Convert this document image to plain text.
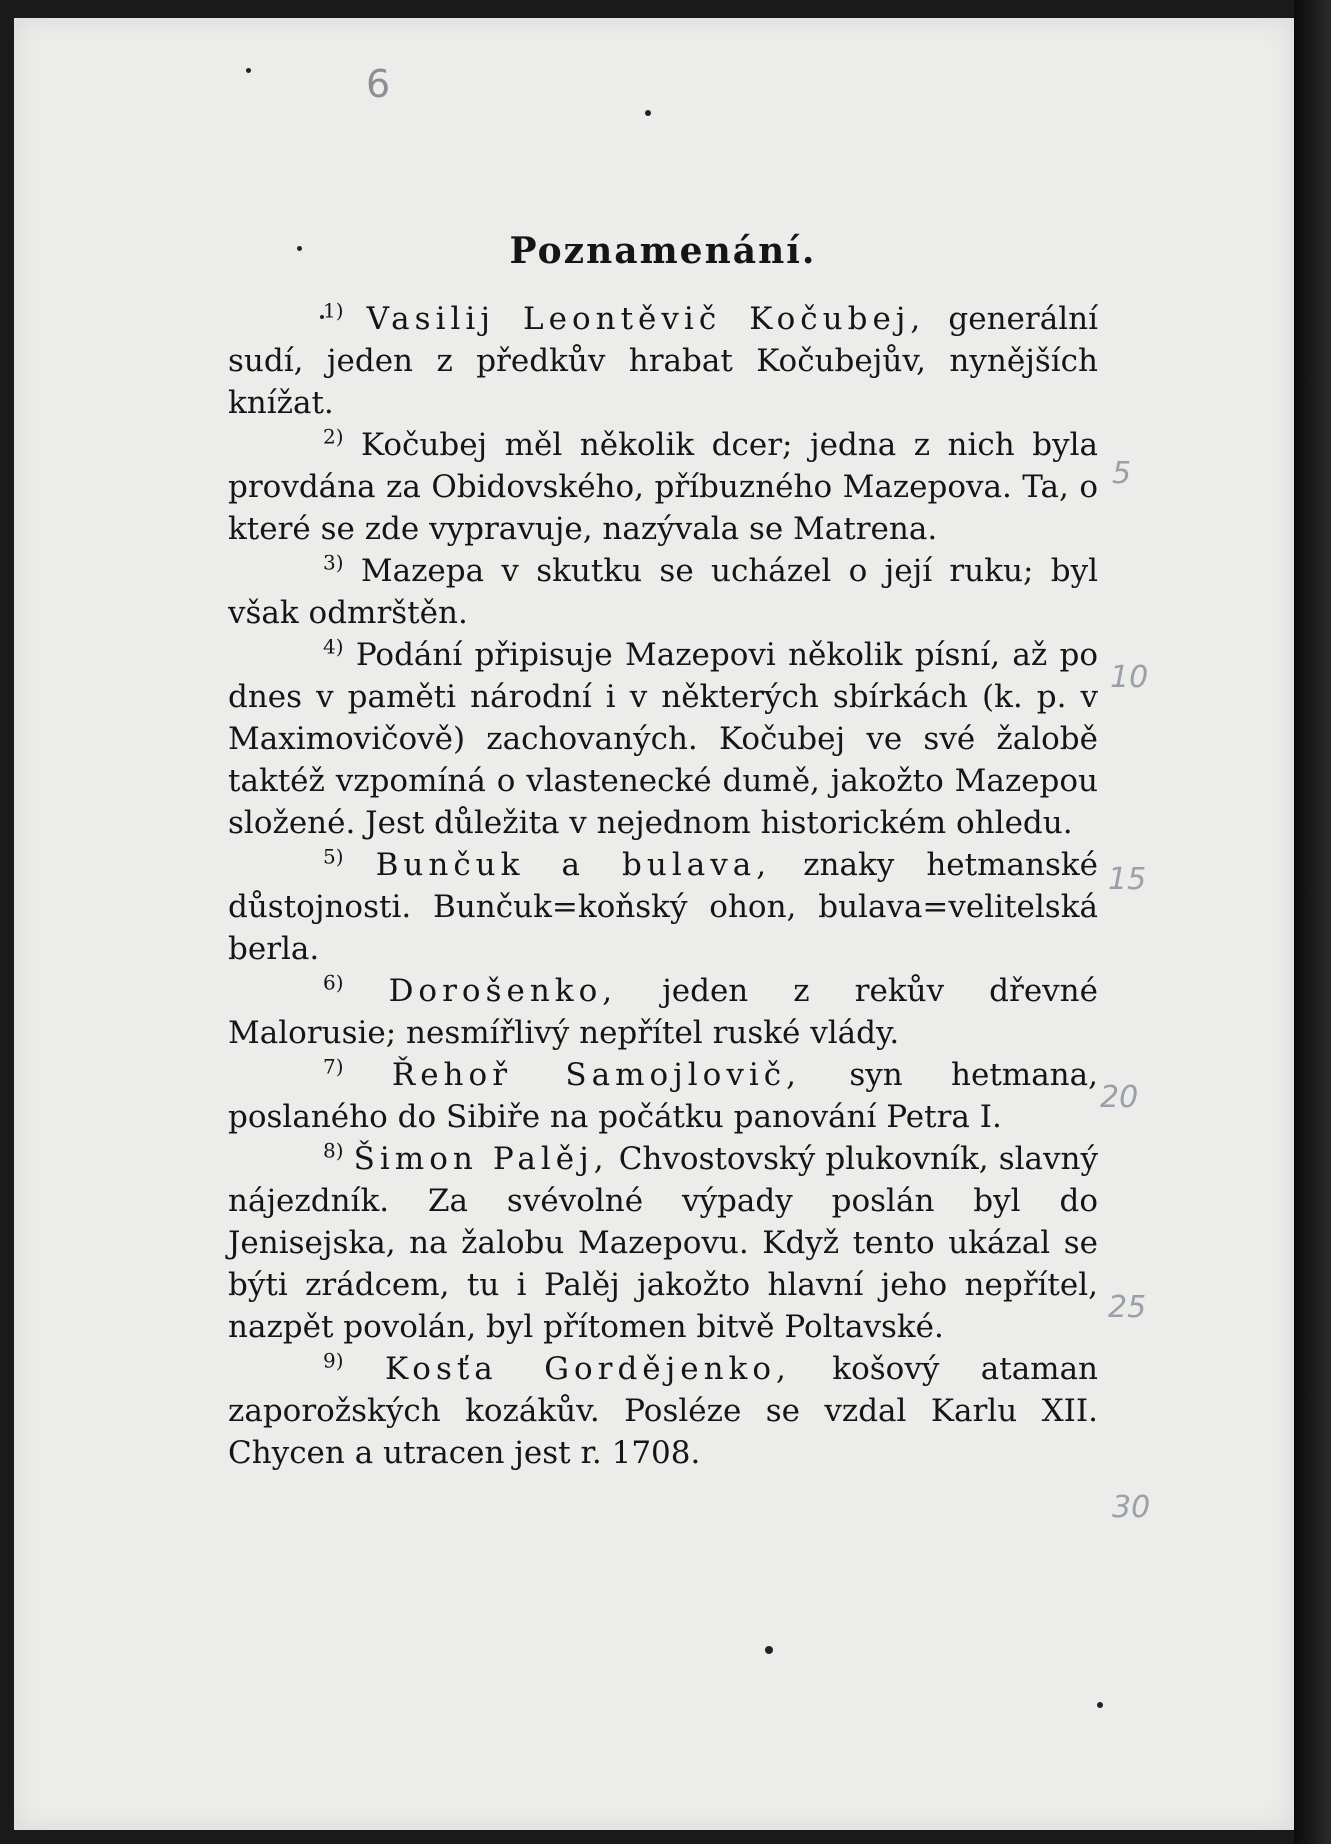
6
5
10
15
20
25
30
Poznamenání.

$^{1)}$ Vasilij Leontěvič Kočubej, generální sudí, jeden z předkův hrabat Kočubejův, nynějších knížat.

$^{2)}$ Kočubej měl několik dcer; jedna z nich byla provdána za Obidovského, příbuzného Mazepova. Ta, o které se zde vypravuje, nazývala se Matrena.

$^{3)}$ Mazepa v skutku se ucházel o její ruku; byl však odmrštěn.

$^{4)}$ Podání připisuje Mazepovi několik písní, až po dnes v paměti národní i v některých sbírkách (k. p. v Maximovičově) zachovaných. Kočubej ve své žalobě taktéž vzpomíná o vlastenecké dumě, jakožto Mazepou složené. Jest důležita v nejednom historickém ohledu.

$^{5)}$ Bunčuk a bulava, znaky hetmanské důstojnosti. Bunčuk=koňský ohon, bulava=velitelská berla.

$^{6)}$ Dorošenko, jeden z rekův dřevné Malorusie; nesmířlivý nepřítel ruské vlády.

$^{7)}$ Řehoř Samojlovič, syn hetmana, poslaného do Sibiře na počátku panování Petra I.

$^{8)}$ Šimon Palěj, Chvostovský plukovník, slavný nájezdník. Za svévolné výpady poslán byl do Jenisejska, na žalobu Mazepovu. Když tento ukázal se býti zrádcem, tu i Palěj jakožto hlavní jeho nepřítel, nazpět povolán, byl přítomen bitvě Poltavské.

$^{9)}$ Kosťa Gordějenko, košový ataman zaporožských kozákův. Posléze se vzdal Karlu XII. Chycen a utracen jest r. 1708.
